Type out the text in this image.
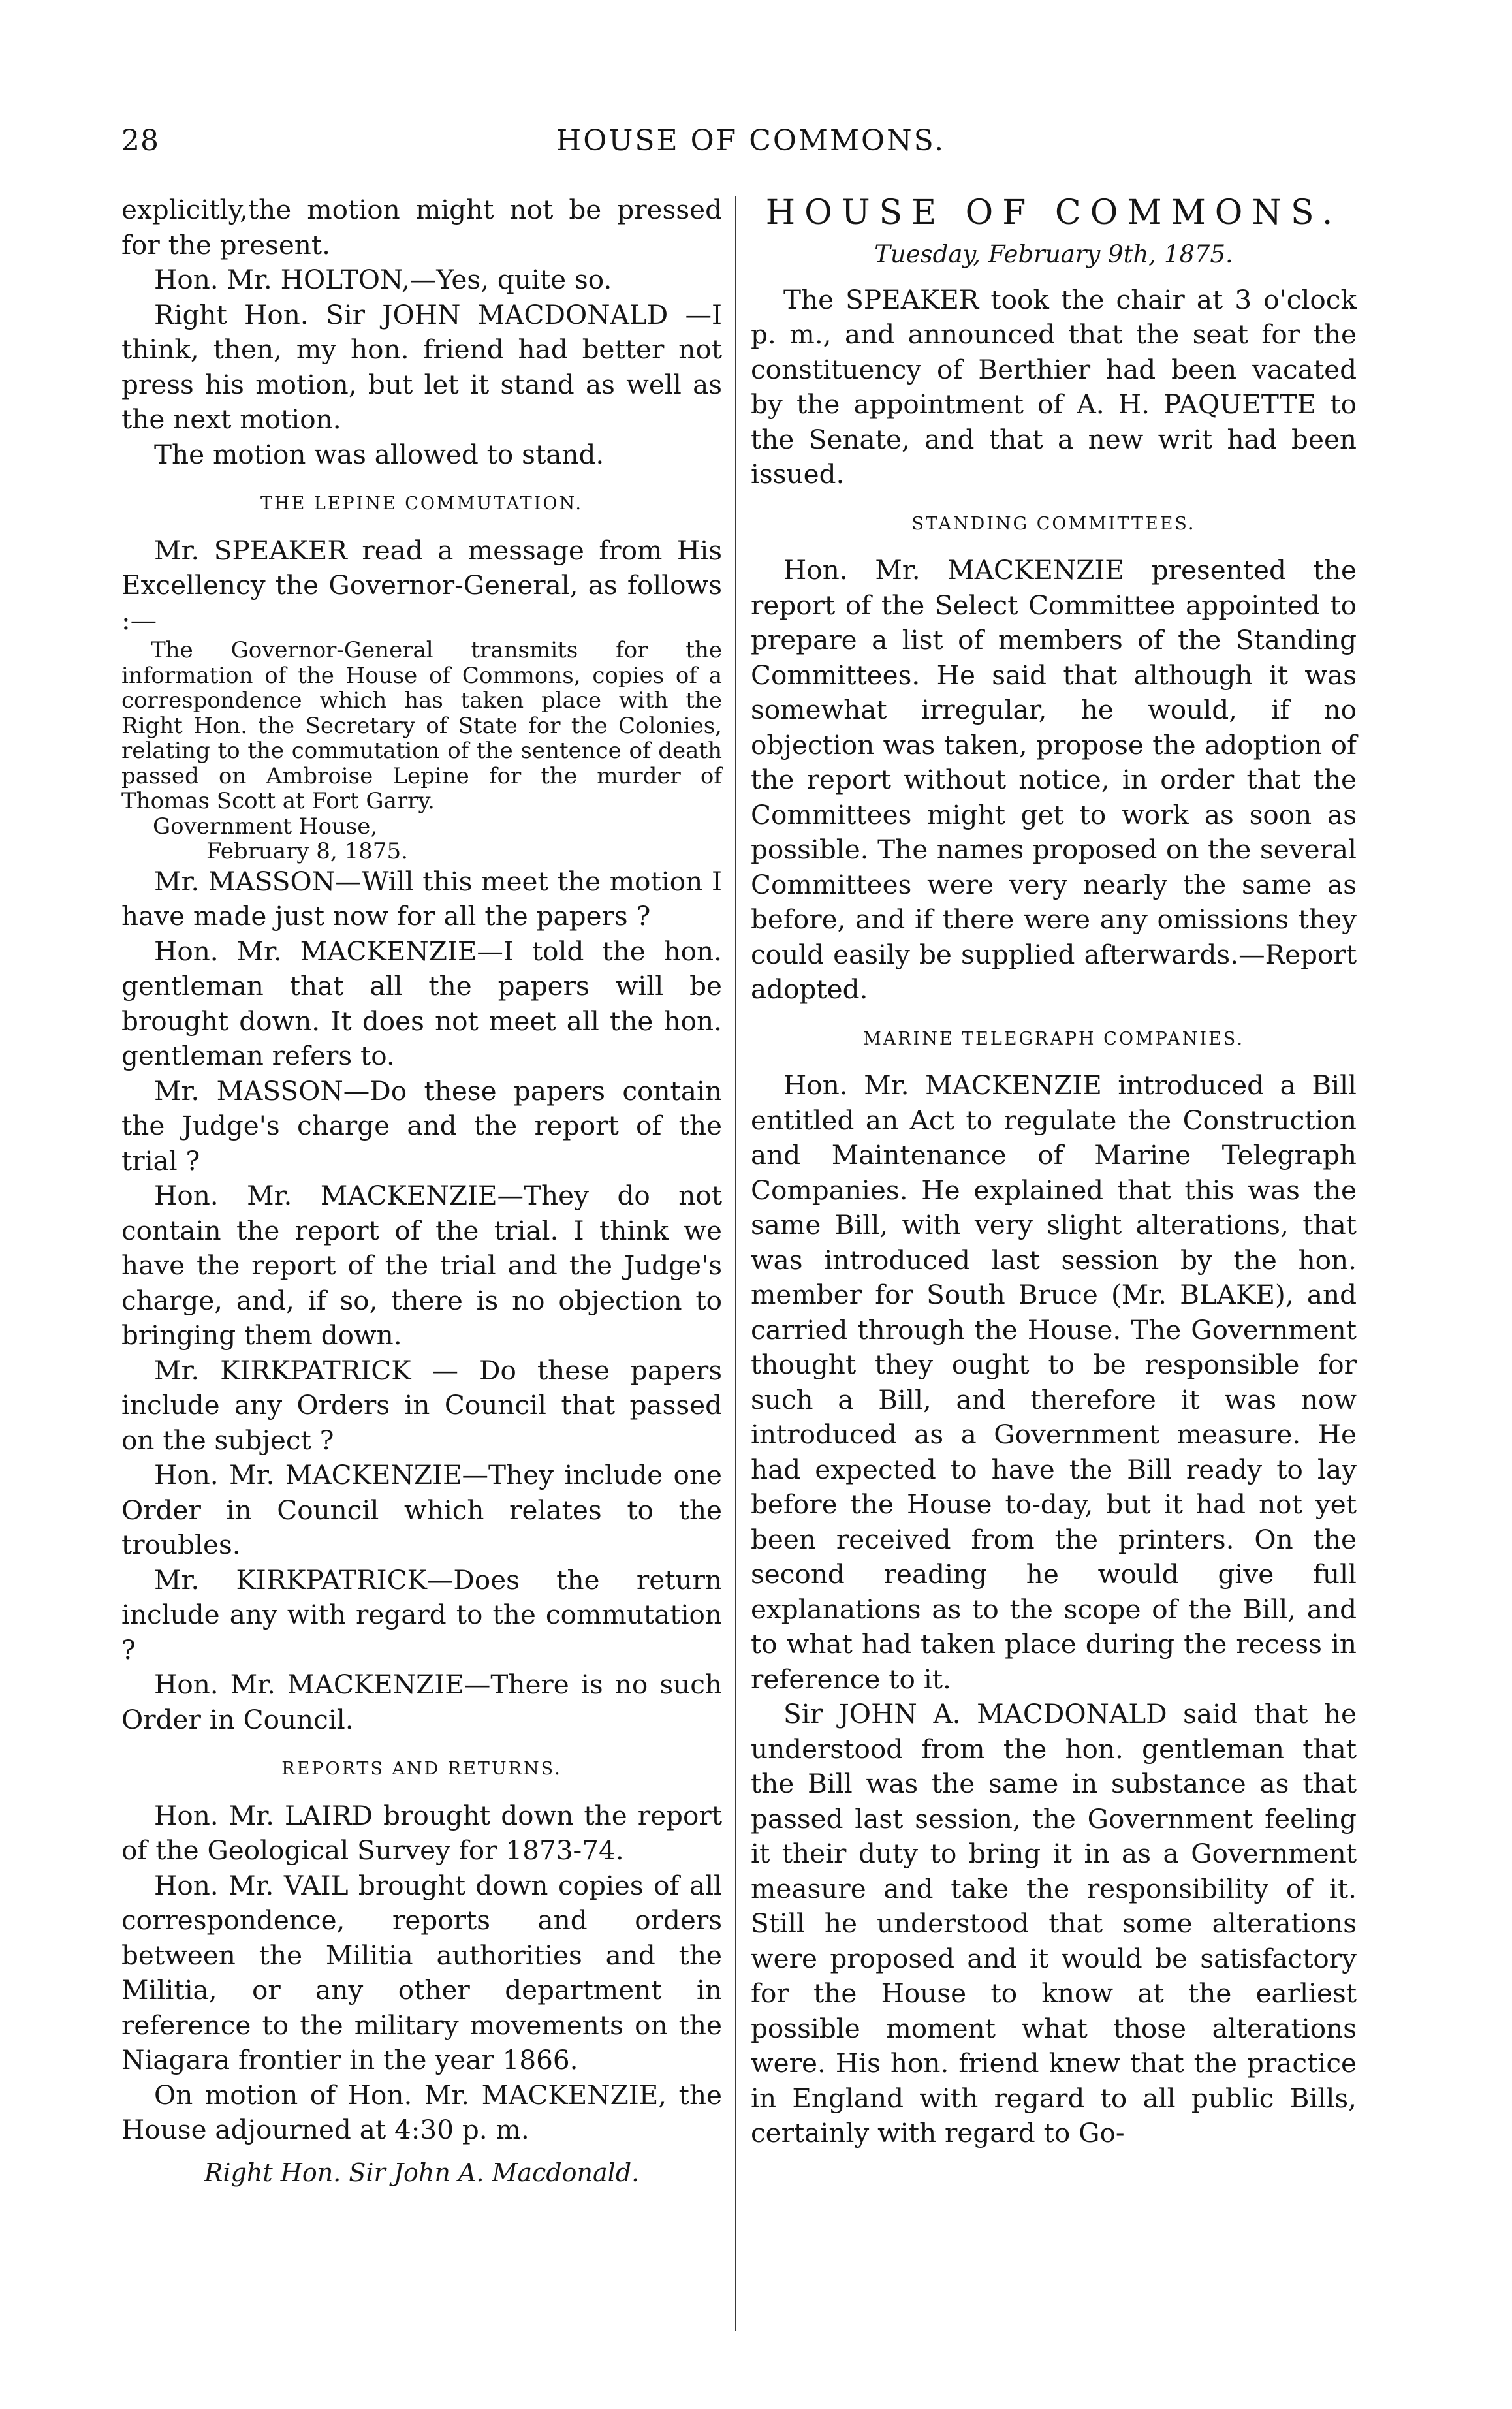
28	HOUSE OF COMMONS.

explicitly,the motion might not be pressed for the present.

Hon. Mr. HOLTON,—Yes, quite so.

Right Hon. Sir JOHN MACDONALD —I think, then, my hon. friend had better not press his motion, but let it stand as well as the next motion.

The motion was allowed to stand.

THE LEPINE COMMUTATION.

Mr. SPEAKER read a message from His Excellency the Governor-General, as follows :—

The Governor-General transmits for the information of the House of Commons, copies of a correspondence which has taken place with the Right Hon. the Secretary of State for the Colonies, relating to the commutation of the sentence of death passed on Ambroise Lepine for the murder of Thomas Scott at Fort Garry.

Government House,

February 8, 1875.

Mr. MASSON—Will this meet the motion I have made just now for all the papers ?

Hon. Mr. MACKENZIE—I told the hon. gentleman that all the papers will be brought down. It does not meet all the hon. gentleman refers to.

Mr. MASSON—Do these papers contain the Judge's charge and the report of the trial ?

Hon. Mr. MACKENZIE—They do not contain the report of the trial. I think we have the report of the trial and the Judge's charge, and, if so, there is no objection to bringing them down.

Mr. KIRKPATRICK — Do these papers include any Orders in Council that passed on the subject ?

Hon. Mr. MACKENZIE—They include one Order in Council which relates to the troubles.

Mr. KIRKPATRICK—Does the return include any with regard to the commutation ?

Hon. Mr. MACKENZIE—There is no such Order in Council.

REPORTS AND RETURNS.

Hon. Mr. LAIRD brought down the report of the Geological Survey for 1873-74.

Hon. Mr. VAIL brought down copies of all correspondence, reports and orders between the Militia authorities and the Militia, or any other department in reference to the military movements on the Niagara frontier in the year 1866.

On motion of Hon. Mr. MACKENZIE, the House adjourned at 4:30 p. m.

Right Hon. Sir John A. Macdonald.

HOUSE OF COMMONS.
Tuesday, February 9th, 1875.

The SPEAKER took the chair at 3 o'clock p. m., and announced that the seat for the constituency of Berthier had been vacated by the appointment of A. H. PAQUETTE to the Senate, and that a new writ had been issued.

STANDING COMMITTEES.

Hon. Mr. MACKENZIE presented the report of the Select Committee appointed to prepare a list of members of the Standing Committees. He said that although it was somewhat irregular, he would, if no objection was taken, propose the adoption of the report without notice, in order that the Committees might get to work as soon as possible. The names proposed on the several Committees were very nearly the same as before, and if there were any omissions they could easily be supplied afterwards.—Report adopted.

MARINE TELEGRAPH COMPANIES.

Hon. Mr. MACKENZIE introduced a Bill entitled an Act to regulate the Construction and Maintenance of Marine Telegraph Companies. He explained that this was the same Bill, with very slight alterations, that was introduced last session by the hon. member for South Bruce (Mr. BLAKE), and carried through the House. The Government thought they ought to be responsible for such a Bill, and therefore it was now introduced as a Government measure. He had expected to have the Bill ready to lay before the House to-day, but it had not yet been received from the printers. On the second reading he would give full explanations as to the scope of the Bill, and to what had taken place during the recess in reference to it.

Sir JOHN A. MACDONALD said that he understood from the hon. gentleman that the Bill was the same in substance as that passed last session, the Government feeling it their duty to bring it in as a Government measure and take the responsibility of it. Still he understood that some alterations were proposed and it would be satisfactory for the House to know at the earliest possible moment what those alterations were. His hon. friend knew that the practice in England with regard to all public Bills, certainly with regard to Go-
